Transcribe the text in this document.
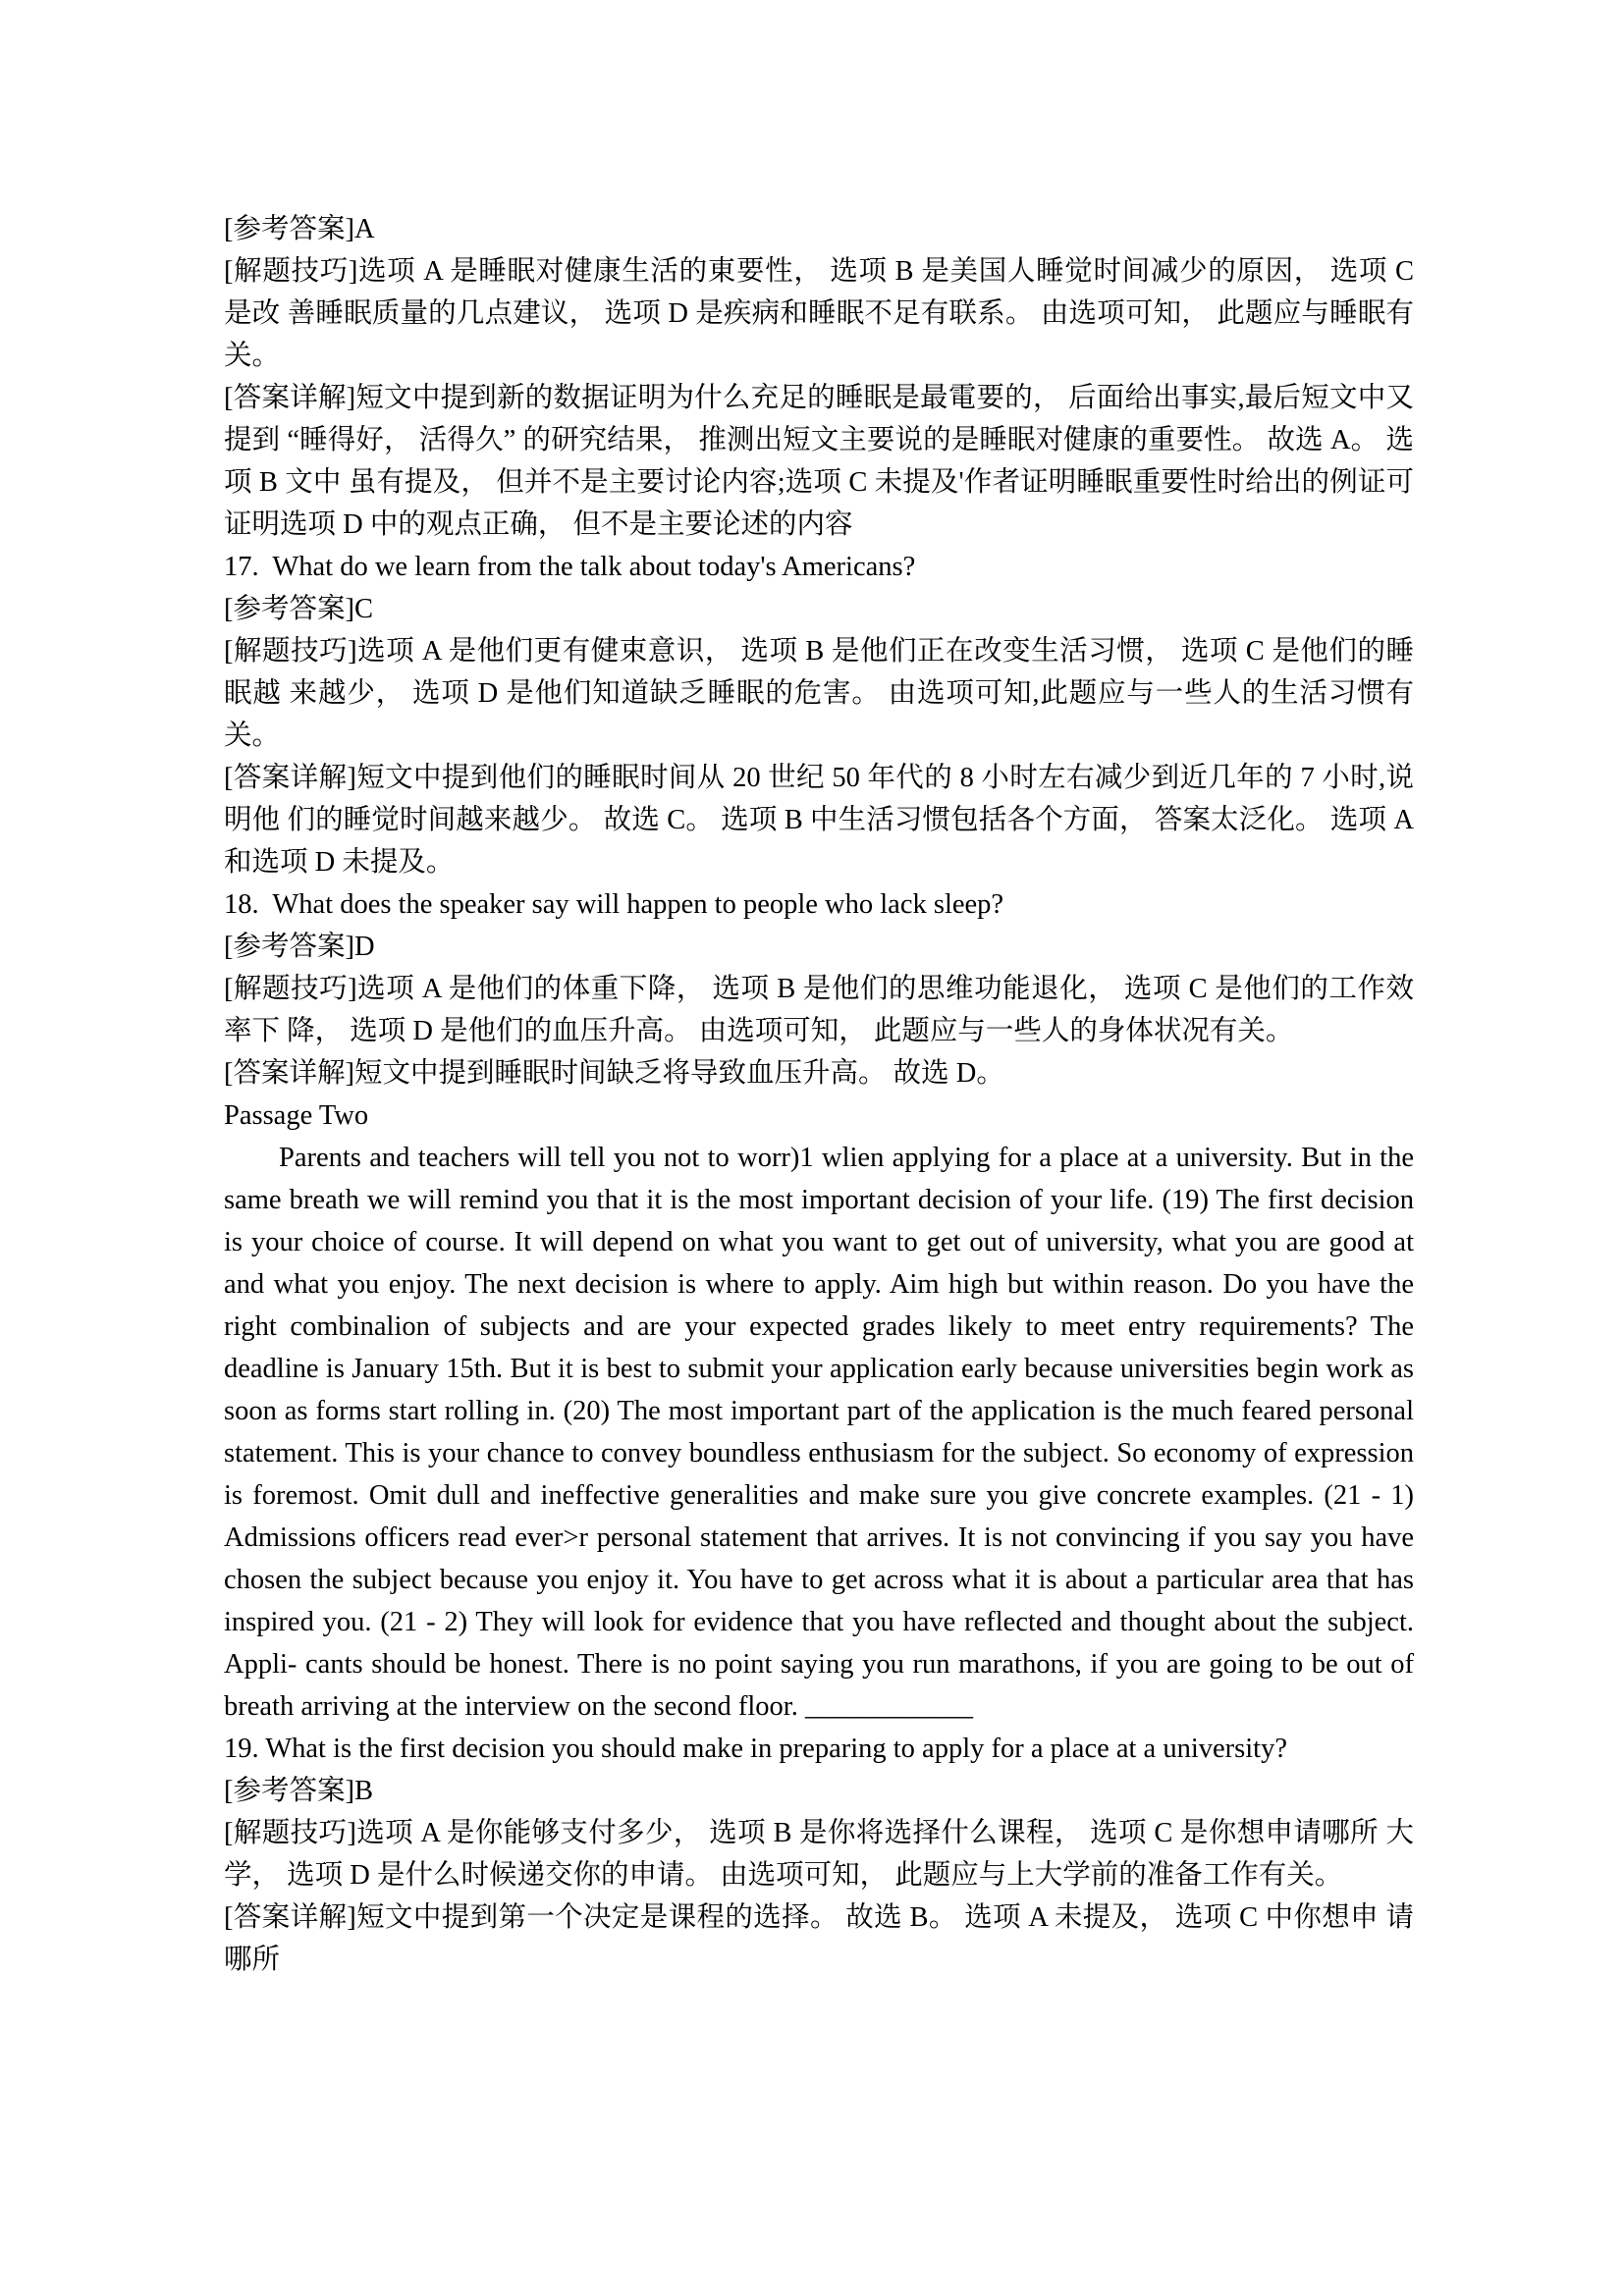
[参考答案]A

[解题技巧]选项 A 是睡眠对健康生活的東要性， 选项 B 是美国人睡觉时间减少的原因， 选项 C 是改 善睡眠质量的几点建议， 选项 D 是疾病和睡眠不足有联系。 由选项可知， 此题应与睡眠有关。

[答案详解]短文中提到新的数据证明为什么充足的睡眠是最電要的， 后面给出事实,最后短文中又 提到 “睡得好， 活得久” 的研究结果， 推测出短文主要说的是睡眠对健康的重要性。 故选 A。 选项 B 文中 虽有提及， 但并不是主要讨论内容;选项 C 未提及'作者证明睡眠重要性时给出的例证可证明选项 D 中的观点正确， 但不是主要论述的内容

17.  What do we learn from the talk about today's Americans?

[参考答案]C

[解题技巧]选项 A 是他们更有健束意识， 选项 B 是他们正在改变生活习惯， 选项 C 是他们的睡眠越 来越少， 选项 D 是他们知道缺乏睡眠的危害。 由选项可知,此题应与一些人的生活习惯有关。

[答案详解]短文中提到他们的睡眠时间从 20 世纪 50 年代的 8 小时左右减少到近几年的 7 小时,说明他 们的睡觉时间越来越少。 故选 C。 选项 B 中生活习惯包括各个方面， 答案太泛化。 选项 A 和选项 D 未提及。

18.  What does the speaker say will happen to people who lack sleep?

[参考答案]D

[解题技巧]选项 A 是他们的体重下降， 选项 B 是他们的思维功能退化， 选项 C 是他们的工作效率下 降， 选项 D 是他们的血压升高。 由选项可知， 此题应与一些人的身体状况有关。

[答案详解]短文中提到睡眠时间缺乏将导致血压升高。 故选 D。

Passage Two

Parents and teachers will tell you not to worr)1 wlien applying for a place at a university. But in the same breath we will remind you that it is the most important decision of your life. (19) The first decision is your choice of course. It will depend on what you want to get out of university, what you are good at and what you enjoy. The next decision is where to apply. Aim high but within reason. Do you have the right combinalion of subjects and are your expected grades likely to meet entry requirements? The deadline is January 15th. But it is best to submit your application early because universities begin work as soon as forms start rolling in. (20) The most important part of the application is the much feared personal statement. This is your chance to convey boundless enthusiasm for the subject. So economy of expression is foremost. Omit dull and ineffective generalities and make sure you give concrete examples. (21 - 1) Admissions officers read ever>r personal statement that arrives. It is not convincing if you say you have chosen the subject because you enjoy it. You have to get across what it is about a particular area that has inspired you. (21 - 2) They will look for evidence that you have reflected and thought about the subject. Appli- cants should be honest. There is no point saying you run marathons, if you are going to be out of breath arriving at the interview on the second floor. ____________

19. What is the first decision you should make in preparing to apply for a place at a university?

[参考答案]B

[解题技巧]选项 A 是你能够支付多少， 选项 B 是你将选择什么课程， 选项 C 是你想申请哪所 大学， 选项 D 是什么时候递交你的申请。 由选项可知， 此题应与上大学前的准备工作有关。

[答案详解]短文中提到第一个决定是课程的选择。 故选 B。 选项 A 未提及， 选项 C 中你想申 请哪所
